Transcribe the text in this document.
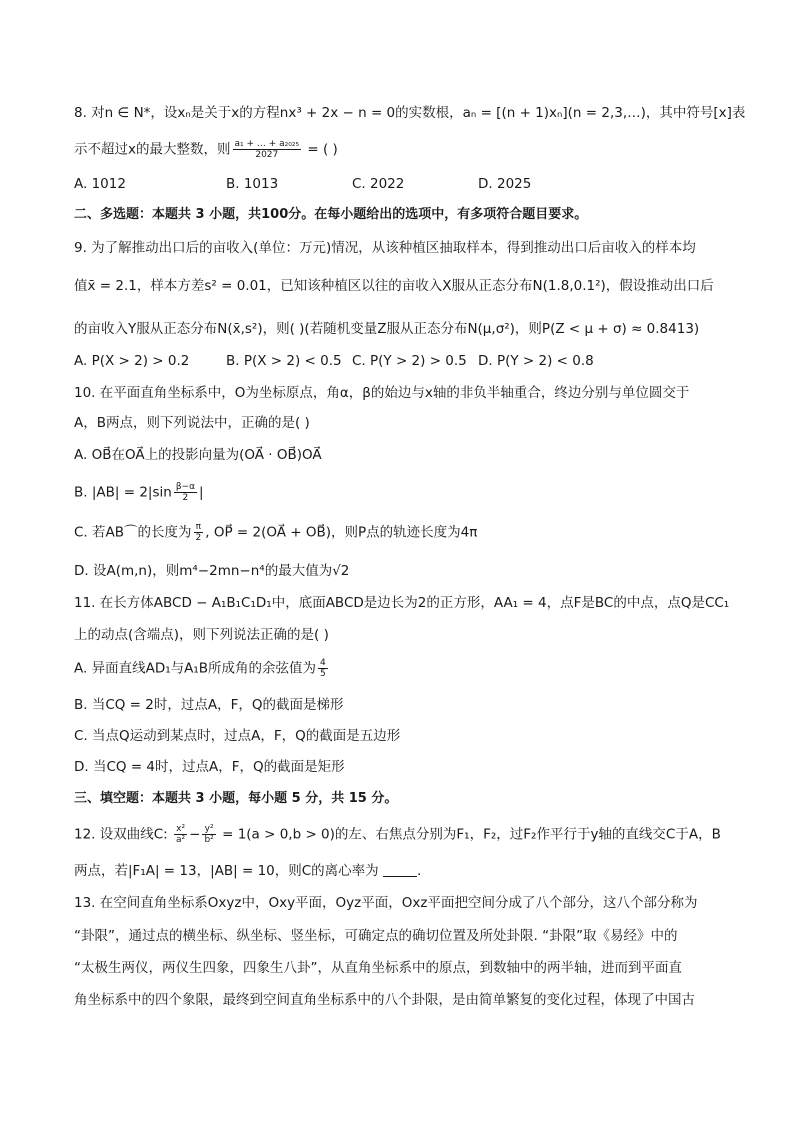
8. 对n ∈ N*，设xₙ是关于x的方程nx³ + 2x − n = 0的实数根，aₙ = [(n + 1)xₙ](n = 2,3,…)，其中符号[x]表
示不超过x的最大整数，则 $\frac{\text{a₁ + … + a₂₀₂₅}}{2027}$ = ( )
A. 1012	B. 1013	C. 2022	D. 2025
二、多选题：本题共 3 小题，共100分。在每小题给出的选项中，有多项符合题目要求。
9. 为了解推动出口后的亩收入(单位：万元)情况，从该种植区抽取样本，得到推动出口后亩收入的样本均
值x̄ = 2.1，样本方差s² = 0.01，已知该种植区以往的亩收入X服从正态分布N(1.8,0.1²)，假设推动出口后
的亩收入Y服从正态分布N(x̄,s²)，则( )(若随机变量Z服从正态分布N(μ,σ²)，则P(Z < μ + σ) ≈ 0.8413)
A. P(X > 2) > 0.2	B. P(X > 2) < 0.5 C. P(Y > 2) > 0.5 D. P(Y > 2) < 0.8
10. 在平面直角坐标系中，O为坐标原点，角α，β的始边与x轴的非负半轴重合，终边分别与单位圆交于
A，B两点，则下列说法中，正确的是( )
A. OB⃗在OA⃗上的投影向量为(OA⃗ · OB⃗)OA⃗
B. $|AB| = 2|\sin \frac{\beta-\alpha}{2}$ |
C. 若AB⌒的长度为 $\frac{\pi}{2}$ , OP⃗ = 2(OA⃗ + OB⃗)，则P点的轨迹长度为4π
D. 设A(m,n)，则m⁴−2mn−n⁴的最大值为√2
11. 在长方体ABCD − A₁B₁C₁D₁中，底面ABCD是边长为2的正方形，AA₁ = 4，点F是BC的中点，点Q是CC₁
上的动点(含端点)，则下列说法正确的是( )
A. 异面直线AD₁与A₁B所成角的余弦值为 $\frac{4}{5}$
B. 当CQ = 2时，过点A，F，Q的截面是梯形
C. 当点Q运动到某点时，过点A，F，Q的截面是五边形
D. 当CQ = 4时，过点A，F，Q的截面是矩形
三、填空题：本题共 3 小题，每小题 5 分，共 15 分。
12. 设双曲线C: $\frac{\text{x²}}{\text{a²}} - \frac{\text{y²}}{\text{b²}} = 1(a > 0,b > 0)$的左、右焦点分别为F₁，F₂，过F₂作平行于y轴的直线交C于A，B
两点，若|F₁A| = 13，|AB| = 10，则C的离心率为	.
13. 在空间直角坐标系Oxyz中，Oxy平面，Oyz平面，Oxz平面把空间分成了八个部分，这八个部分称为
“卦限”，通过点的横坐标、纵坐标、竖坐标，可确定点的确切位置及所处卦限. “卦限”取《易经》中的
“太极生两仪，两仪生四象，四象生八卦”，从直角坐标系中的原点，到数轴中的两半轴，进而到平面直
角坐标系中的四个象限，最终到空间直角坐标系中的八个卦限，是由简单繁复的变化过程，体现了中国古
